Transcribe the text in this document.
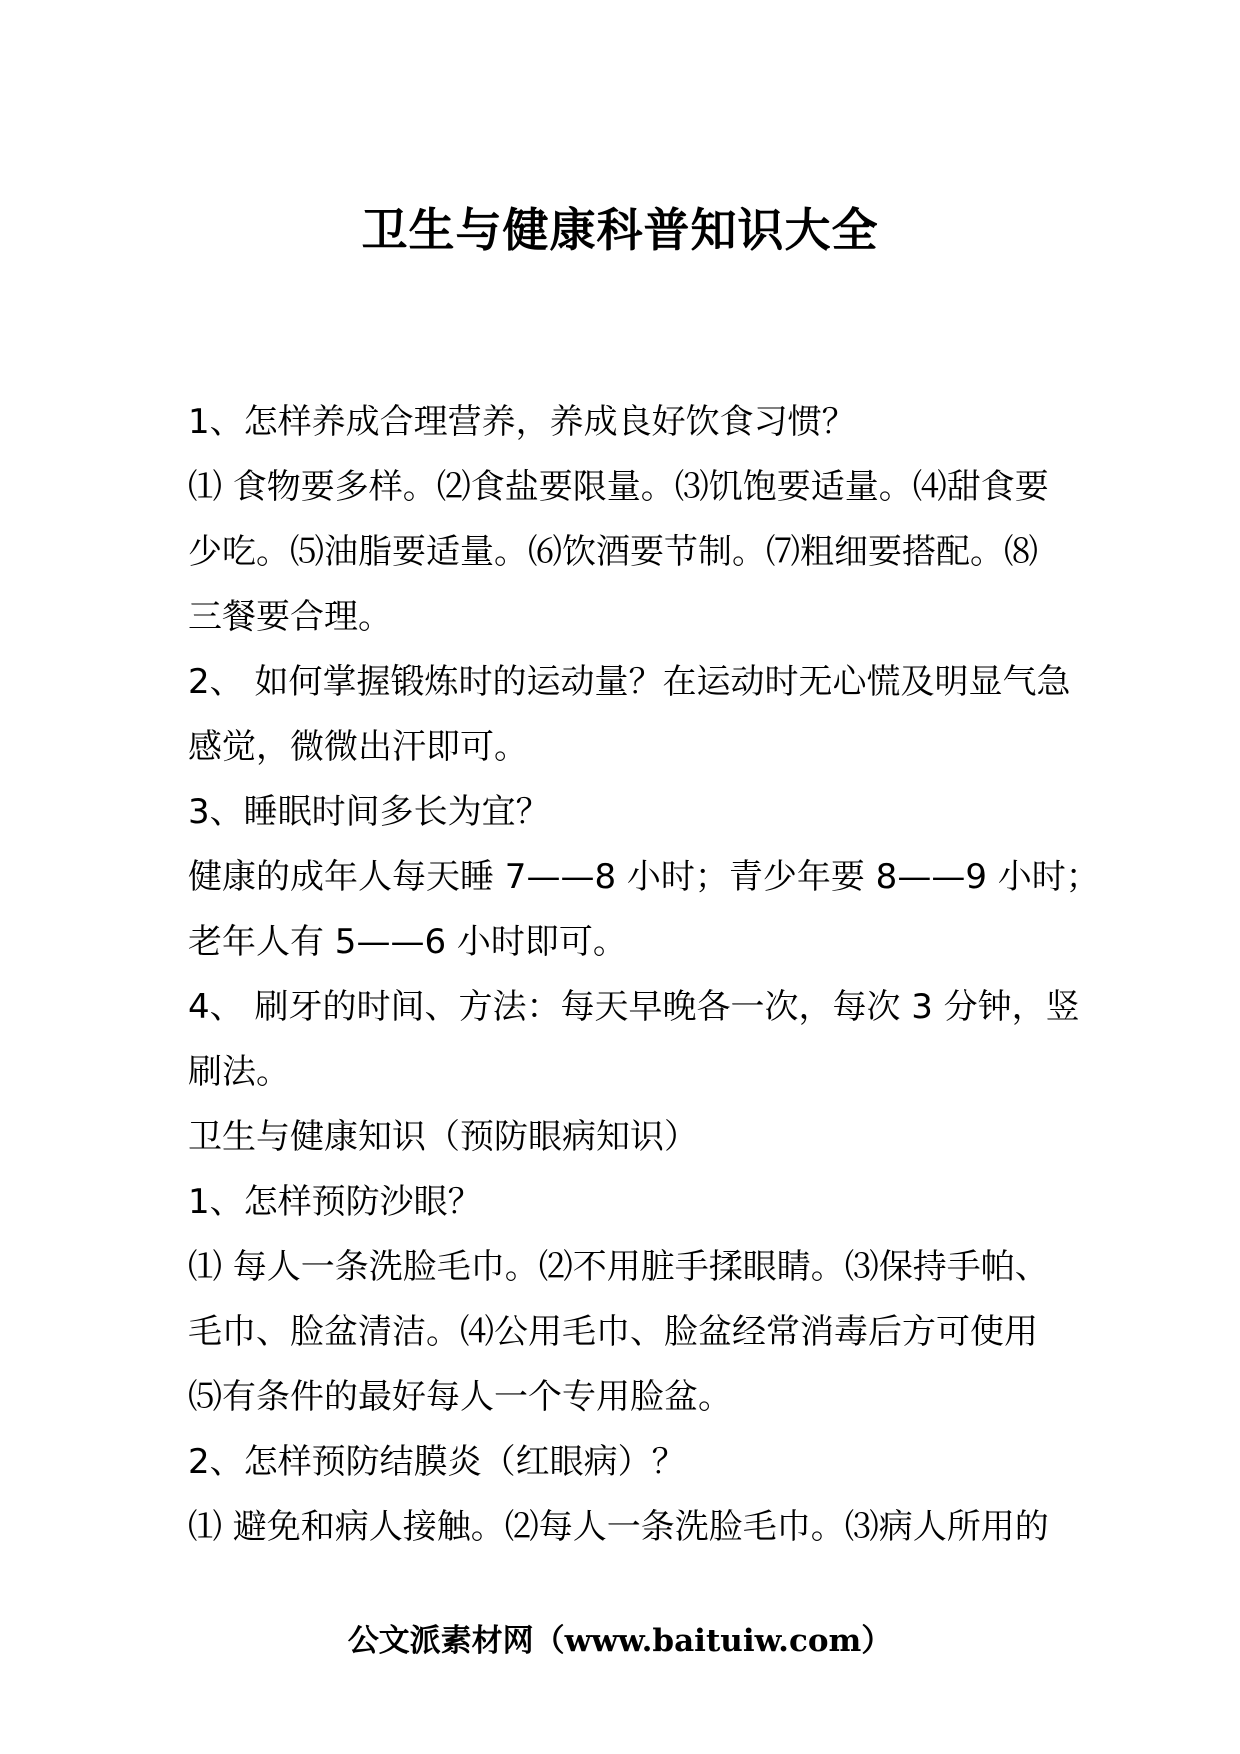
卫生与健康科普知识大全
1、怎样养成合理营养，养成良好饮食习惯？
⑴ 食物要多样。⑵食盐要限量。⑶饥饱要适量。⑷甜食要
少吃。⑸油脂要适量。⑹饮酒要节制。⑺粗细要搭配。⑻
三餐要合理。
2、 如何掌握锻炼时的运动量？在运动时无心慌及明显气急
感觉，微微出汗即可。
3、睡眠时间多长为宜？
健康的成年人每天睡 7——8 小时；青少年要 8——9 小时；
老年人有 5——6 小时即可。
4、 刷牙的时间、方法：每天早晚各一次，每次 3 分钟，竖
刷法。
卫生与健康知识（预防眼病知识）
1、怎样预防沙眼？
⑴ 每人一条洗脸毛巾。⑵不用脏手揉眼睛。⑶保持手帕、
毛巾、脸盆清洁。⑷公用毛巾、脸盆经常消毒后方可使用
⑸有条件的最好每人一个专用脸盆。
2、怎样预防结膜炎（红眼病）？
⑴ 避免和病人接触。⑵每人一条洗脸毛巾。⑶病人所用的
公文派素材网（www.baituiw.com）
